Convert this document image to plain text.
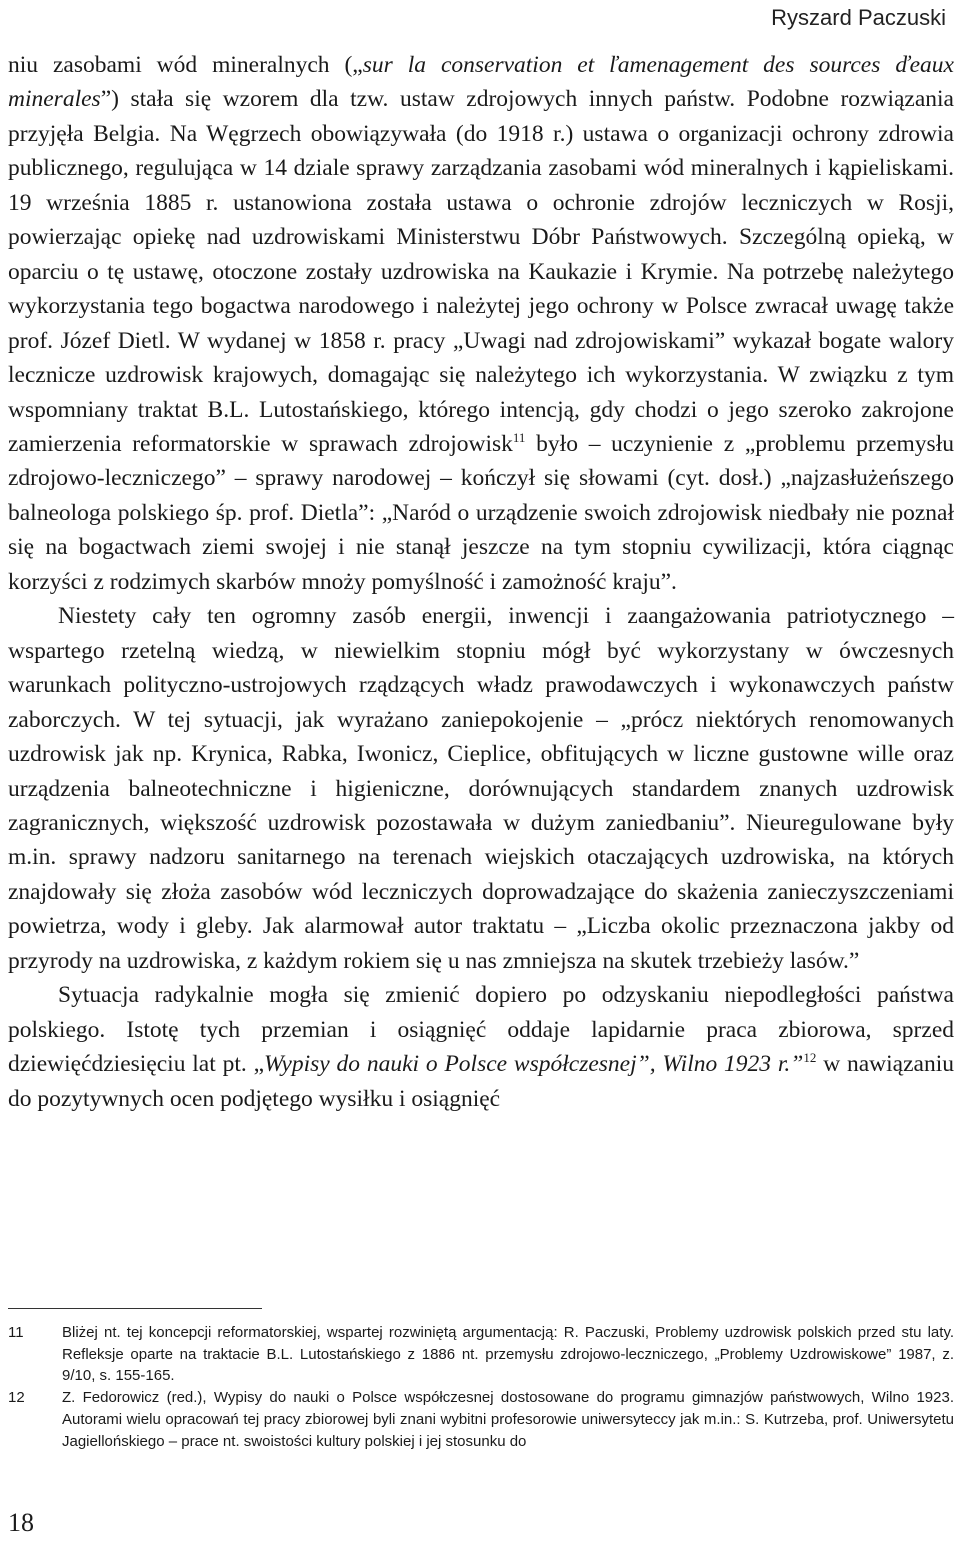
Ryszard Paczuski

niu zasobami wód mineralnych („sur la conservation et ľamenagement des sources ďeaux minerales”) stała się wzorem dla tzw. ustaw zdrojowych innych państw. Podobne rozwiązania przyjęła Belgia. Na Węgrzech obowiązywała (do 1918 r.) ustawa o organizacji ochrony zdrowia publicznego, regulująca w 14 dziale sprawy zarządzania zasobami wód mineralnych i kąpieliskami. 19 września 1885 r. ustanowiona została ustawa o ochronie zdrojów leczniczych w Rosji, powierzając opiekę nad uzdrowiskami Ministerstwu Dóbr Państwowych. Szczególną opieką, w oparciu o tę ustawę, otoczone zostały uzdrowiska na Kaukazie i Krymie. Na potrzebę należytego wykorzystania tego bogactwa narodowego i należytej jego ochrony w Polsce zwracał uwagę także prof. Józef Dietl. W wydanej w 1858 r. pracy „Uwagi nad zdrojowiskami” wykazał bogate walory lecznicze uzdrowisk krajowych, domagając się należytego ich wykorzystania. W związku z tym wspomniany traktat B.L. Lutostańskiego, którego intencją, gdy chodzi o jego szeroko zakrojone zamierzenia reformatorskie w sprawach zdrojowisk$^{11}$ było – uczynienie z „problemu przemysłu zdrojowo-leczniczego” – sprawy narodowej – kończył się słowami (cyt. dosł.) „najzasłużeńszego balneologa polskiego śp. prof. Dietla”: „Naród o urządzenie swoich zdrojowisk niedbały nie poznał się na bogactwach ziemi swojej i nie stanął jeszcze na tym stopniu cywilizacji, która ciągnąc korzyści z rodzimych skarbów mnoży pomyślność i zamożność kraju”.

Niestety cały ten ogromny zasób energii, inwencji i zaangażowania patriotycznego – wspartego rzetelną wiedzą, w niewielkim stopniu mógł być wykorzystany w ówczesnych warunkach polityczno-ustrojowych rządzących władz prawodawczych i wykonawczych państw zaborczych. W tej sytuacji, jak wyrażano zaniepokojenie – „prócz niektórych renomowanych uzdrowisk jak np. Krynica, Rabka, Iwonicz, Cieplice, obfitujących w liczne gustowne wille oraz urządzenia balneotechniczne i higieniczne, dorównujących standardem znanych uzdrowisk zagranicznych, większość uzdrowisk pozostawała w dużym zaniedbaniu”. Nieuregulowane były m.in. sprawy nadzoru sanitarnego na terenach wiejskich otaczających uzdrowiska, na których znajdowały się złoża zasobów wód leczniczych doprowadzające do skażenia zanieczyszczeniami powietrza, wody i gleby. Jak alarmował autor traktatu – „Liczba okolic przeznaczona jakby od przyrody na uzdrowiska, z każdym rokiem się u nas zmniejsza na skutek trzebieży lasów.”

Sytuacja radykalnie mogła się zmienić dopiero po odzyskaniu niepodległości państwa polskiego. Istotę tych przemian i osiągnięć oddaje lapidarnie praca zbiorowa, sprzed dziewięćdziesięciu lat pt. „Wypisy do nauki o Polsce współczesnej”, Wilno 1923 r.”$^{12}$ w nawiązaniu do pozytywnych ocen podjętego wysiłku i osiągnięć

11	Bliżej nt. tej koncepcji reformatorskiej, wspartej rozwiniętą argumentacją: R. Paczuski, Problemy uzdrowisk polskich przed stu laty. Refleksje oparte na traktacie B.L. Lutostańskiego z 1886 nt. przemysłu zdrojowo-leczniczego, „Problemy Uzdrowiskowe” 1987, z. 9/10, s. 155-165.
12	Z. Fedorowicz (red.), Wypisy do nauki o Polsce współczesnej dostosowane do programu gimnazjów państwowych, Wilno 1923. Autorami wielu opracowań tej pracy zbiorowej byli znani wybitni profesorowie uniwersyteccy jak m.in.: S. Kutrzeba, prof. Uniwersytetu Jagiellońskiego – prace nt. swoistości kultury polskiej i jej stosunku do
18
